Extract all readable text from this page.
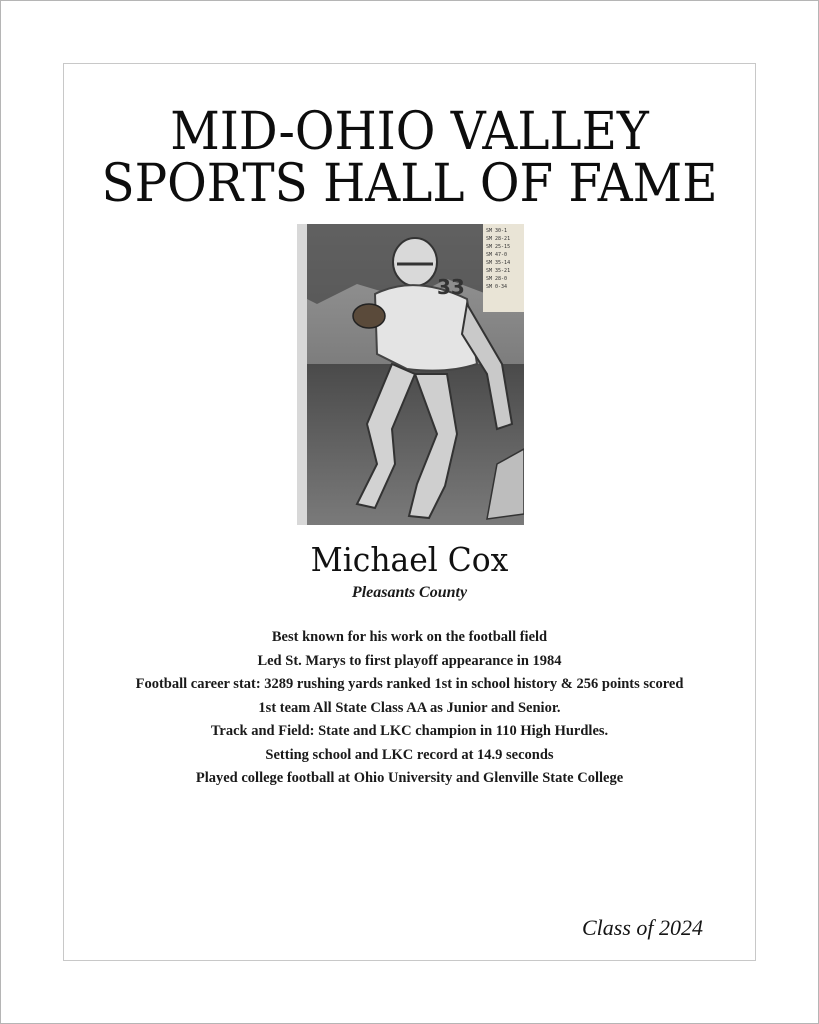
MID-OHIO VALLEY
SPORTS HALL OF FAME
SM 30-1
SM 28-21
SM 25-15
SM 47-0
SM 35-14
SM 35-21
SM 28-0
SM 0-34
33
Michael Cox
Pleasants County
Best known for his work on the football field
Led St. Marys to first playoff appearance in 1984
Football career stat: 3289 rushing yards ranked 1st in school history & 256 points scored
1st team All State Class AA as Junior and Senior.
Track and Field: State and LKC champion in 110 High Hurdles.
Setting school and LKC record at 14.9 seconds
Played college football at Ohio University and Glenville State College
Class of 2024
